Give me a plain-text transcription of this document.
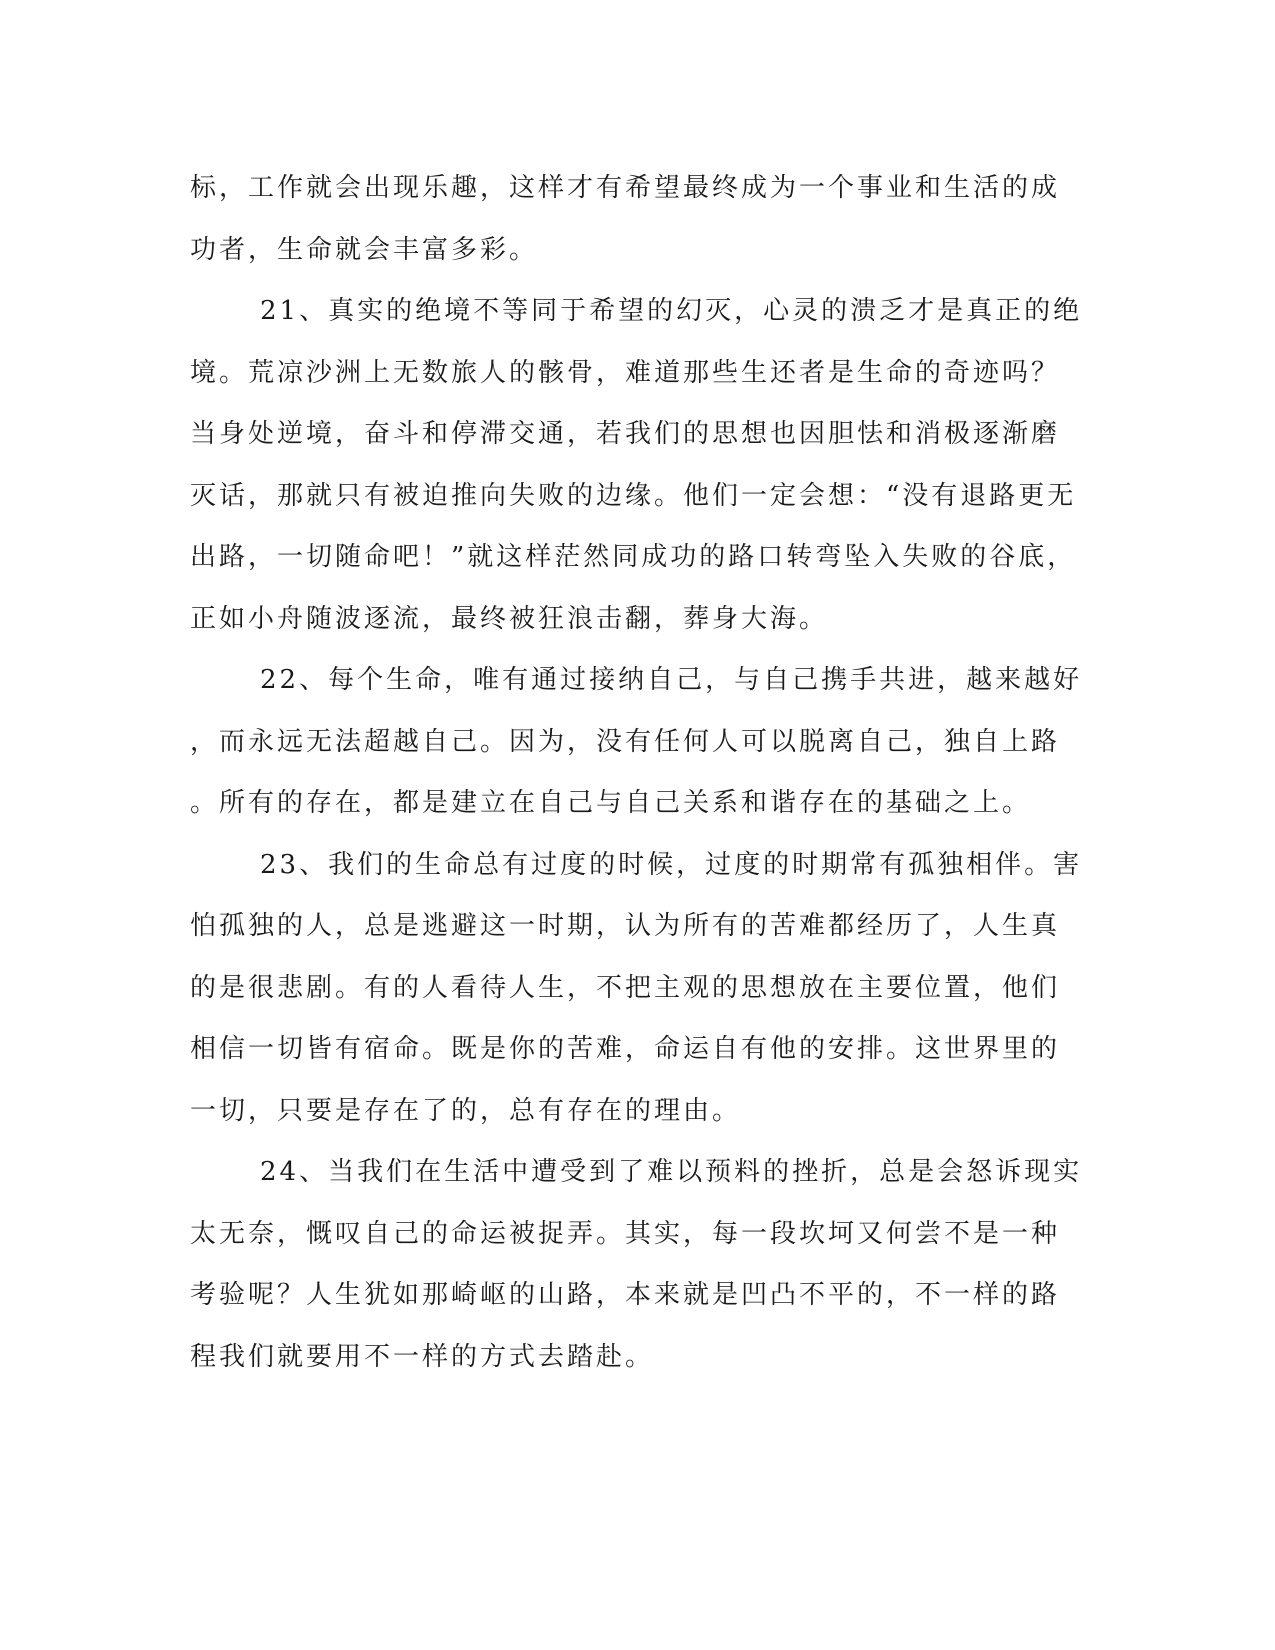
标，工作就会出现乐趣，这样才有希望最终成为一个事业和生活的成
功者，生命就会丰富多彩。
21、真实的绝境不等同于希望的幻灭，心灵的溃乏才是真正的绝
境。荒凉沙洲上无数旅人的骸骨，难道那些生还者是生命的奇迹吗？
当身处逆境，奋斗和停滞交通，若我们的思想也因胆怯和消极逐渐磨
灭话，那就只有被迫推向失败的边缘。他们一定会想：“没有退路更无
出路，一切随命吧！”就这样茫然同成功的路口转弯坠入失败的谷底，
正如小舟随波逐流，最终被狂浪击翻，葬身大海。
22、每个生命，唯有通过接纳自己，与自己携手共进，越来越好
，而永远无法超越自己。因为，没有任何人可以脱离自己，独自上路
。所有的存在，都是建立在自己与自己关系和谐存在的基础之上。
23、我们的生命总有过度的时候，过度的时期常有孤独相伴。害
怕孤独的人，总是逃避这一时期，认为所有的苦难都经历了，人生真
的是很悲剧。有的人看待人生，不把主观的思想放在主要位置，他们
相信一切皆有宿命。既是你的苦难，命运自有他的安排。这世界里的
一切，只要是存在了的，总有存在的理由。
24、当我们在生活中遭受到了难以预料的挫折，总是会怒诉现实
太无奈，慨叹自己的命运被捉弄。其实，每一段坎坷又何尝不是一种
考验呢？人生犹如那崎岖的山路，本来就是凹凸不平的，不一样的路
程我们就要用不一样的方式去踏赴。
